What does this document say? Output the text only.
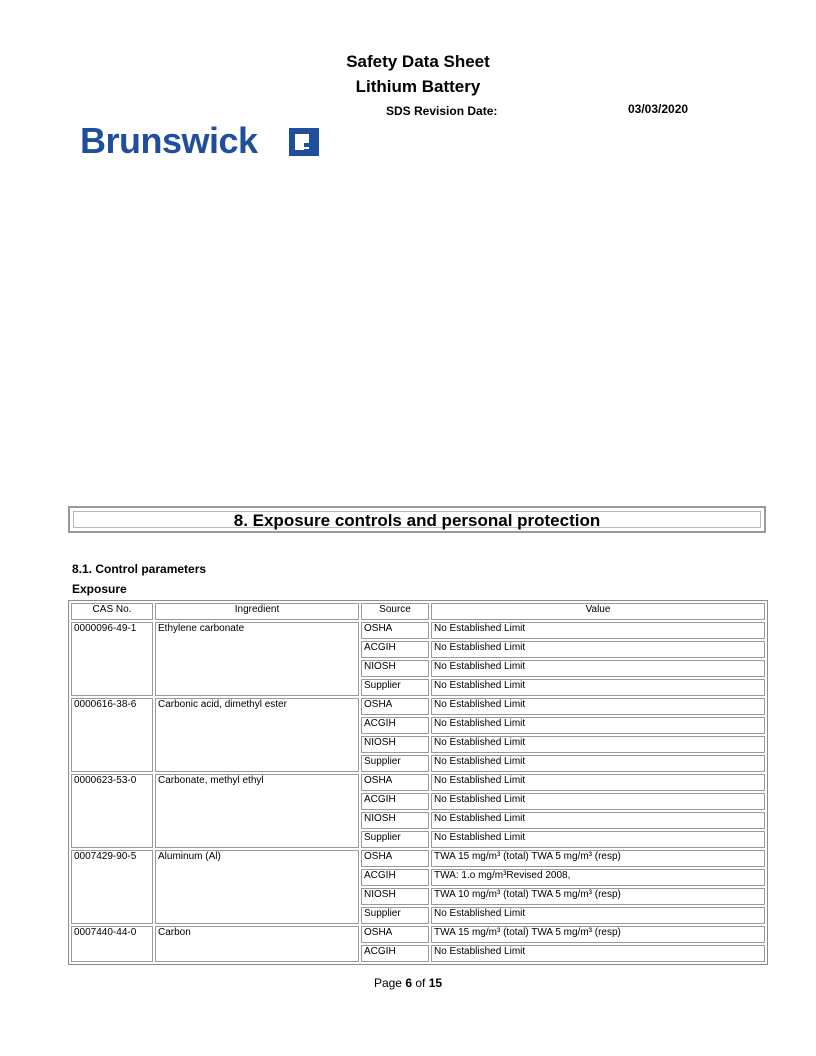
Safety Data Sheet
Lithium Battery
SDS Revision Date:	03/03/2020
Brunswick
8. Exposure controls and personal protection
8.1. Control parameters
Exposure
CAS No.	Ingredient	Source	Value
0000096-49-1	Ethylene carbonate	OSHA	No Established Limit
		ACGIH	No Established Limit
		NIOSH	No Established Limit
		Supplier	No Established Limit
0000616-38-6	Carbonic acid, dimethyl ester	OSHA	No Established Limit
		ACGIH	No Established Limit
		NIOSH	No Established Limit
		Supplier	No Established Limit
0000623-53-0	Carbonate, methyl ethyl	OSHA	No Established Limit
		ACGIH	No Established Limit
		NIOSH	No Established Limit
		Supplier	No Established Limit
0007429-90-5	Aluminum (Al)	OSHA	TWA 15 mg/m³ (total) TWA 5 mg/m³ (resp)
		ACGIH	TWA: 1.o mg/m³Revised 2008,
		NIOSH	TWA 10 mg/m³ (total) TWA 5 mg/m³ (resp)
		Supplier	No Established Limit
0007440-44-0	Carbon	OSHA	TWA 15 mg/m³ (total) TWA 5 mg/m³ (resp)
		ACGIH	No Established Limit
Page 6 of 15
